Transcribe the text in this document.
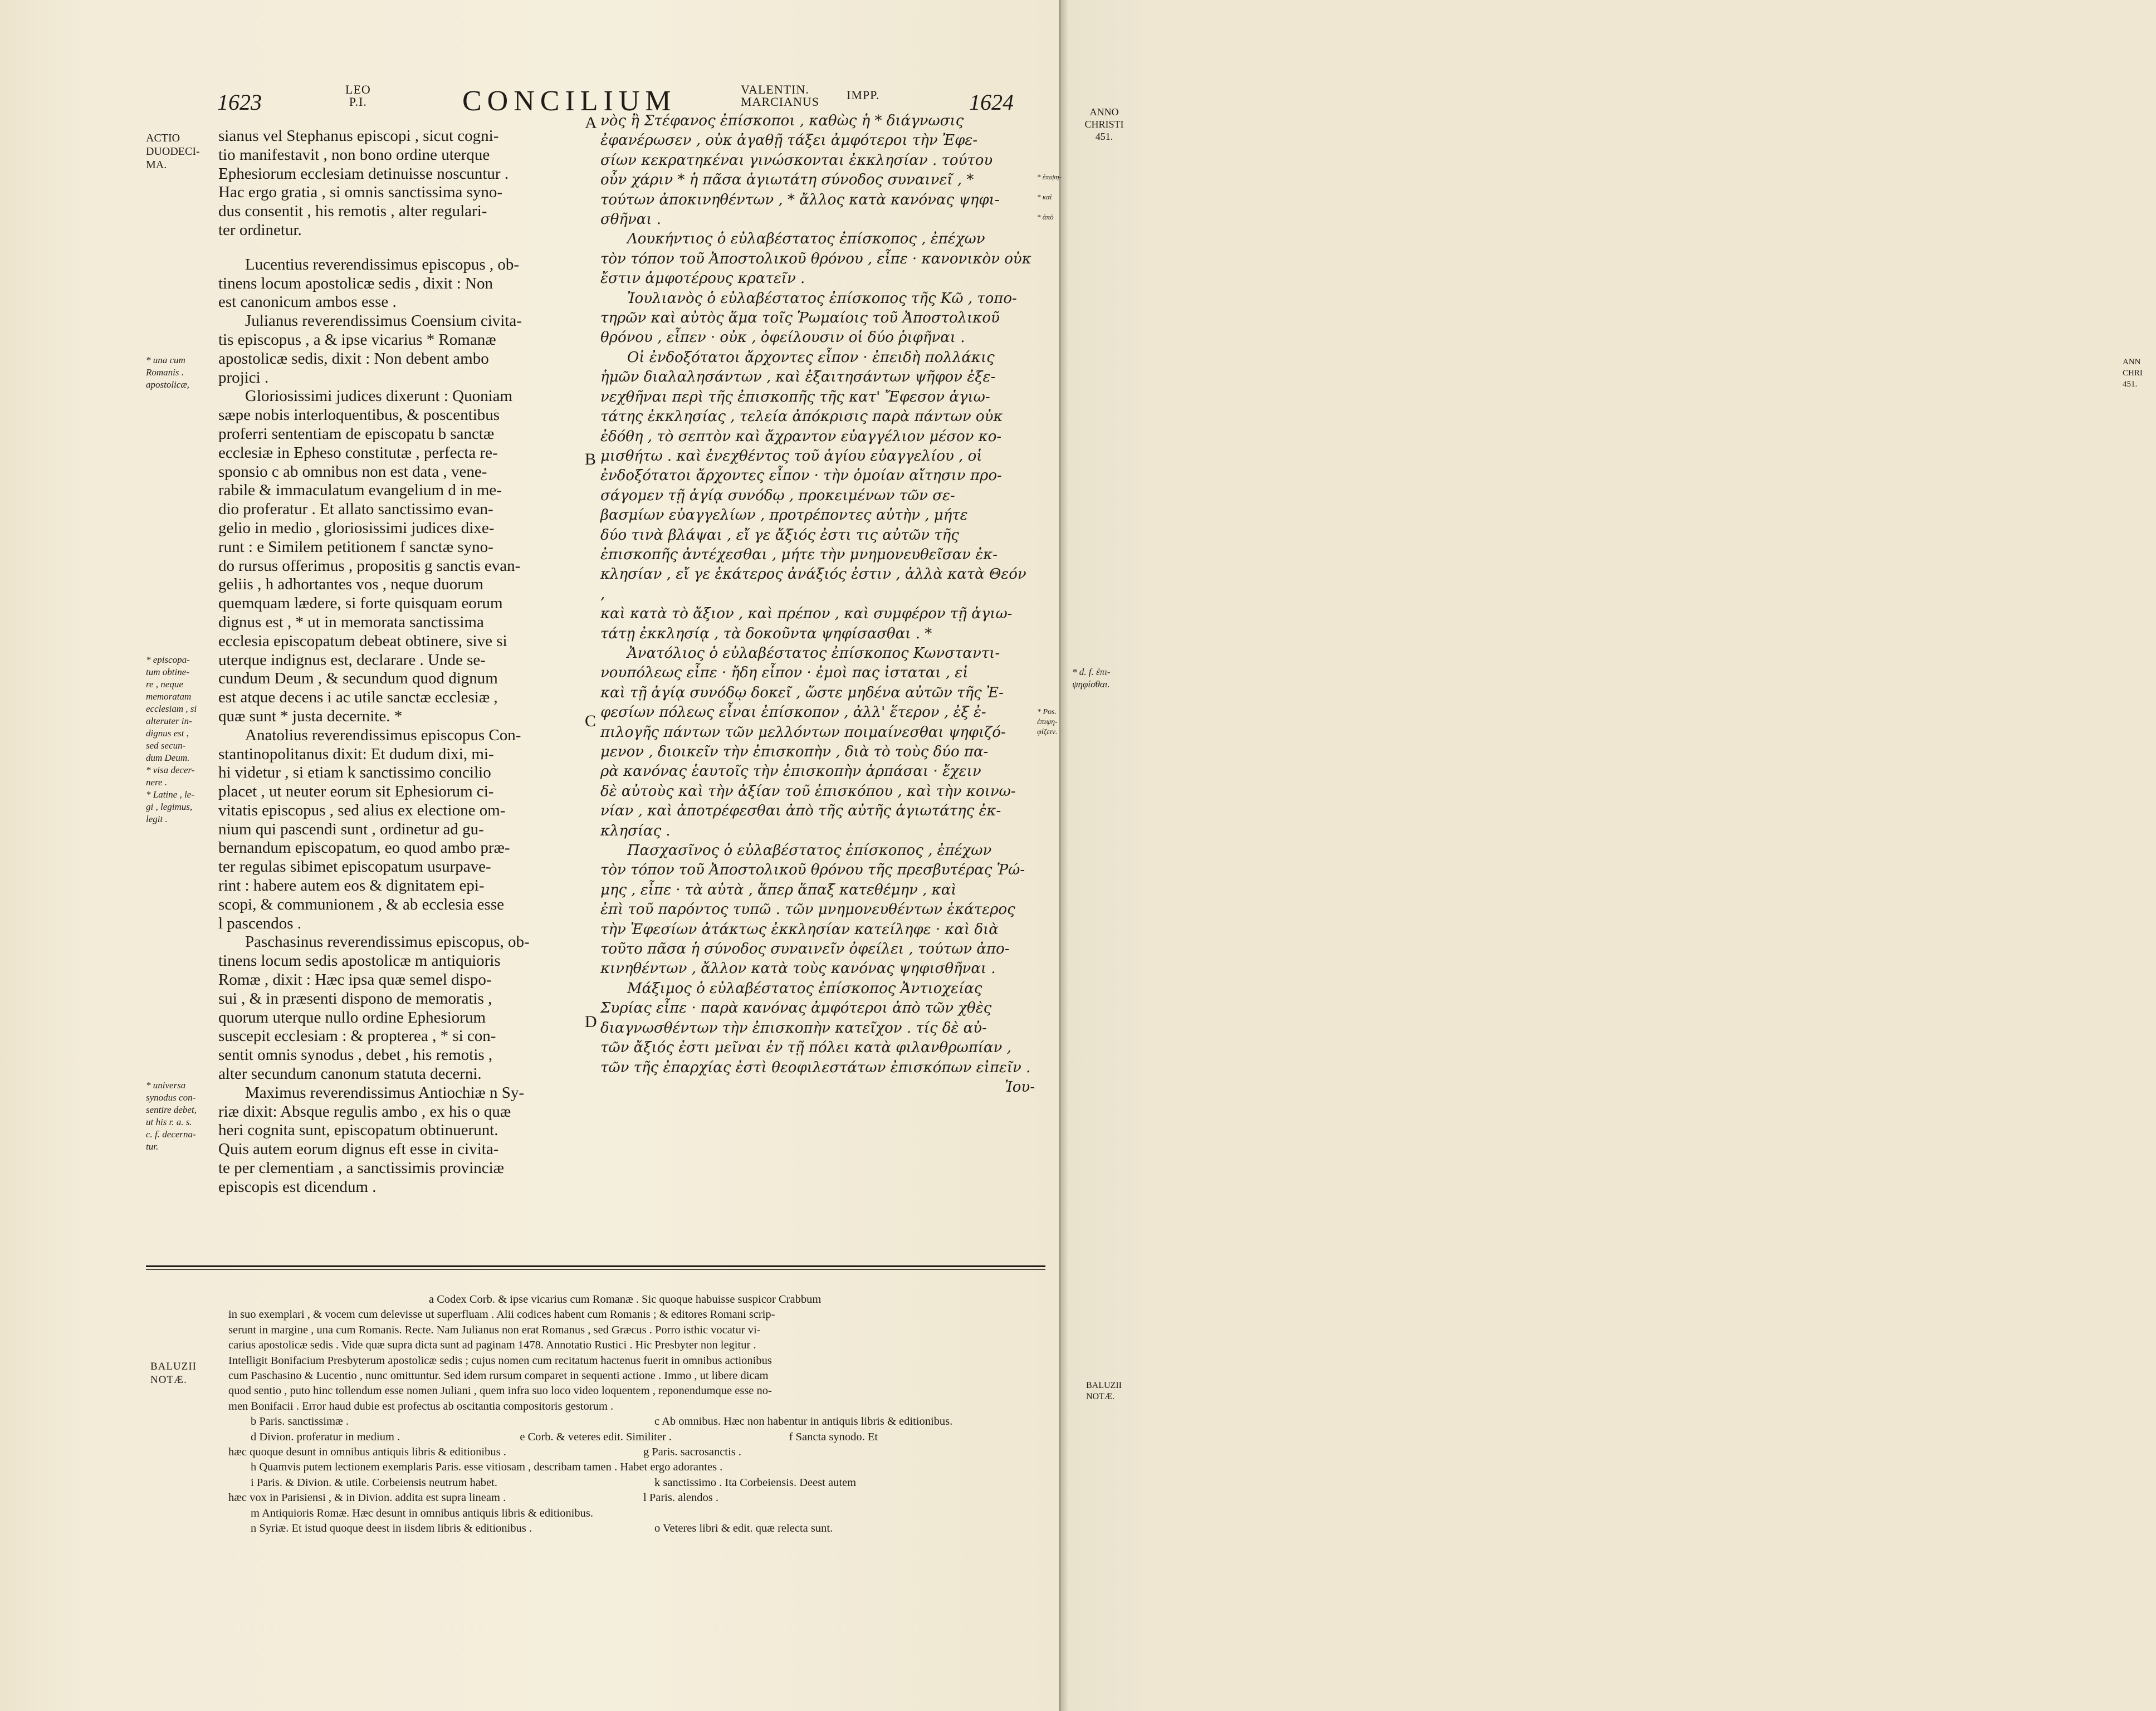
ANN
CHRI
451.
1623
LEO
P.I.	CONCILIUM	VALENTIN.
MARCIANUS IMPP.	1624
ACTIO
DUODECI-
MA.
* una cum
Romanis .
apostolicæ,
* episcopa-
tum obtine-
re , neque
memoratam
ecclesiam , si
alteruter in-
dignus est ,
sed secun-
dum Deum.
* visa decer-
nere .
* Latine , le-
gi , legimus,
legit .
* universa
synodus con-
sentire debet,
ut his r. a. s.
c. f. decerna-
tur.
A
B
C
D

sianus vel Stephanus episcopi , sicut cogni-

tio manifestavit , non bono ordine uterque

Ephesiorum ecclesiam detinuisse noscuntur .

Hac ergo gratia , si omnis sanctissima syno-

dus consentit , his remotis , alter regulari-

ter ordinetur.

Lucentius reverendissimus episcopus , ob-

tinens locum apostolicæ sedis , dixit : Non

est canonicum ambos esse .

Julianus reverendissimus Coensium civita-

tis episcopus , a & ipse vicarius * Romanæ

apostolicæ sedis, dixit : Non debent ambo

projici .

Gloriosissimi judices dixerunt : Quoniam

sæpe nobis interloquentibus, & poscentibus

proferri sententiam de episcopatu b sanctæ

ecclesiæ in Epheso constitutæ , perfecta re-

sponsio c ab omnibus non est data , vene-

rabile & immaculatum evangelium d in me-

dio proferatur . Et allato sanctissimo evan-

gelio in medio , gloriosissimi judices dixe-

runt : e Similem petitionem f sanctæ syno-

do rursus offerimus , propositis g sanctis evan-

geliis , h adhortantes vos , neque duorum

quemquam lædere, si forte quisquam eorum

dignus est , * ut in memorata sanctissima

ecclesia episcopatum debeat obtinere, sive si

uterque indignus est, declarare . Unde se-

cundum Deum , & secundum quod dignum

est atque decens i ac utile sanctæ ecclesiæ ,

quæ sunt * justa decernite. *

Anatolius reverendissimus episcopus Con-

stantinopolitanus dixit: Et dudum dixi, mi-

hi videtur , si etiam k sanctissimo concilio

placet , ut neuter eorum sit Ephesiorum ci-

vitatis episcopus , sed alius ex electione om-

nium qui pascendi sunt , ordinetur ad gu-

bernandum episcopatum, eo quod ambo præ-

ter regulas sibimet episcopatum usurpave-

rint : habere autem eos & dignitatem epi-

scopi, & communionem , & ab ecclesia esse

l pascendos .

Paschasinus reverendissimus episcopus, ob-

tinens locum sedis apostolicæ m antiquioris

Romæ , dixit : Hæc ipsa quæ semel dispo-

sui , & in præsenti dispono de memoratis ,

quorum uterque nullo ordine Ephesiorum

suscepit ecclesiam : & propterea , * si con-

sentit omnis synodus , debet , his remotis ,

alter secundum canonum statuta decerni.

Maximus reverendissimus Antiochiæ n Sy-

riæ dixit: Absque regulis ambo , ex his o quæ

heri cognita sunt, episcopatum obtinuerunt.

Quis autem eorum dignus eft esse in civita-

te per clementiam , a sanctissimis provinciæ

episcopis est dicendum .

νὸς ἢ Στέφανος ἐπίσκοποι , καθὼς ἡ * διάγνωσις

ἐφανέρωσεν , οὐκ ἀγαθῇ τάξει ἀμφότεροι τὴν Ἐφε-

σίων κεκρατηκέναι γινώσκονται ἐκκλησίαν . τούτου

οὖν χάριν * ἡ πᾶσα ἁγιωτάτη σύνοδος συναινεῖ , *

τούτων ἀποκινηθέντων , * ἄλλος κατὰ κανόνας ψηφι-

σθῆναι .

Λουκήντιος ὁ εὐλαβέστατος ἐπίσκοπος , ἐπέχων

τὸν τόπον τοῦ Ἀποστολικοῦ θρόνου , εἶπε · κανονικὸν οὐκ

ἔστιν ἀμφοτέρους κρατεῖν .

Ἰουλιανὸς ὁ εὐλαβέστατος ἐπίσκοπος τῆς Κῶ , τοπο-

τηρῶν καὶ αὐτὸς ἅμα τοῖς Ῥωμαίοις τοῦ Ἀποστολικοῦ

θρόνου , εἶπεν · οὐκ , ὀφείλουσιν οἱ δύο ῥιφῆναι .

Οἱ ἐνδοξότατοι ἄρχοντες εἶπον · ἐπειδὴ πολλάκις

ἡμῶν διαλαλησάντων , καὶ ἐξαιτησάντων ψῆφον ἐξε-

νεχθῆναι περὶ τῆς ἐπισκοπῆς τῆς κατ' Ἔφεσον ἁγιω-

τάτης ἐκκλησίας , τελεία ἀπόκρισις παρὰ πάντων οὐκ

ἐδόθη , τὸ σεπτὸν καὶ ἄχραντον εὐαγγέλιον μέσον κο-

μισθήτω . καὶ ἐνεχθέντος τοῦ ἁγίου εὐαγγελίου , οἱ

ἐνδοξότατοι ἄρχοντες εἶπον · τὴν ὁμοίαν αἴτησιν προ-

σάγομεν τῇ ἁγίᾳ συνόδῳ , προκειμένων τῶν σε-

βασμίων εὐαγγελίων , προτρέποντες αὐτὴν , μήτε

δύο τινὰ βλάψαι , εἴ γε ἄξιός ἐστι τις αὐτῶν τῆς

ἐπισκοπῆς ἀντέχεσθαι , μήτε τὴν μνημονευθεῖσαν ἐκ-

κλησίαν , εἴ γε ἑκάτερος ἀνάξιός ἐστιν , ἀλλὰ κατὰ Θεόν ,

καὶ κατὰ τὸ ἄξιον , καὶ πρέπον , καὶ συμφέρον τῇ ἁγιω-

τάτῃ ἐκκλησίᾳ , τὰ δοκοῦντα ψηφίσασθαι . *

Ἀνατόλιος ὁ εὐλαβέστατος ἐπίσκοπος Κωνσταντι-

νουπόλεως εἶπε · ἤδη εἶπον · ἐμοὶ πας ἰσταται , εἰ

καὶ τῇ ἁγίᾳ συνόδῳ δοκεῖ , ὥστε μηδένα αὐτῶν τῆς Ἐ-

φεσίων πόλεως εἶναι ἐπίσκοπον , ἀλλ' ἕτερον , ἐξ ἐ-

πιλογῆς πάντων τῶν μελλόντων ποιμαίνεσθαι ψηφιζό-

μενον , διοικεῖν τὴν ἐπισκοπὴν , διὰ τὸ τοὺς δύο πα-

ρὰ κανόνας ἑαυτοῖς τὴν ἐπισκοπὴν ἁρπάσαι · ἔχειν

δὲ αὐτοὺς καὶ τὴν ἀξίαν τοῦ ἐπισκόπου , καὶ τὴν κοινω-

νίαν , καὶ ἀποτρέφεσθαι ἀπὸ τῆς αὐτῆς ἁγιωτάτης ἐκ-

κλησίας .

Πασχασῖνος ὁ εὐλαβέστατος ἐπίσκοπος , ἐπέχων

τὸν τόπον τοῦ Ἀποστολικοῦ θρόνου τῆς πρεσβυτέρας Ῥώ-

μης , εἶπε · τὰ αὐτὰ , ἅπερ ἅπαξ κατεθέμην , καὶ

ἐπὶ τοῦ παρόντος τυπῶ . τῶν μνημονευθέντων ἑκάτερος

τὴν Ἐφεσίων ἀτάκτως ἐκκλησίαν κατείληφε · καὶ διὰ

τοῦτο πᾶσα ἡ σύνοδος συναινεῖν ὀφείλει , τούτων ἀπο-

κινηθέντων , ἄλλον κατὰ τοὺς κανόνας ψηφισθῆναι .

Μάξιμος ὁ εὐλαβέστατος ἐπίσκοπος Ἀντιοχείας

Συρίας εἶπε · παρὰ κανόνας ἀμφότεροι ἀπὸ τῶν χθὲς

διαγνωσθέντων τὴν ἐπισκοπὴν κατεῖχον . τίς δὲ αὐ-

τῶν ἄξιός ἐστι μεῖναι ἐν τῇ πόλει κατὰ φιλανθρωπίαν ,

τῶν τῆς ἐπαρχίας ἐστὶ θεοφιλεστάτων ἐπισκόπων εἰπεῖν .

Ἰου-

ANNO
CHRISTI
451.
* ἐπιψη-
* καὶ
* ἀπὸ
* d. f. ἐπι-
ψηφίσθαι.
* Pos.
ἐπιψη-
φίζειν.
BALUZII
NOTÆ.	BALUZII
NOTÆ.

a Codex Corb. & ipse vicarius cum Romanæ . Sic quoque habuisse suspicor Crabbum

in suo exemplari , & vocem cum delevisse ut superfluam . Alii codices habent cum Romanis ; & editores Romani scrip-

serunt in margine , una cum Romanis. Recte. Nam Julianus non erat Romanus , sed Græcus . Porro isthic vocatur vi-

carius apostolicæ sedis . Vide quæ supra dicta sunt ad paginam 1478. Annotatio Rustici . Hic Presbyter non legitur .

Intelligit Bonifacium Presbyterum apostolicæ sedis ; cujus nomen cum recitatum hactenus fuerit in omnibus actionibus

cum Paschasino & Lucentio , nunc omittuntur. Sed idem rursum comparet in sequenti actione . Immo , ut libere dicam

quod sentio , puto hinc tollendum esse nomen Juliani , quem infra suo loco video loquentem , reponendumque esse no-

men Bonifacii . Error haud dubie est profectus ab oscitantia compositoris gestorum .

b Paris. sanctissimæ .	c Ab omnibus. Hæc non habentur in antiquis libris & editionibus.
d Divion. proferatur in medium .	e Corb. & veteres edit. Similiter .	f Sancta synodo. Et
hæc quoque desunt in omnibus antiquis libris & editionibus .	g Paris. sacrosanctis .
h Quamvis putem lectionem exemplaris Paris. esse vitiosam , describam tamen . Habet ergo adorantes .
i Paris. & Divion. & utile. Corbeiensis neutrum habet.	k sanctissimo . Ita Corbeiensis. Deest autem
hæc vox in Parisiensi , & in Divion. addita est supra lineam .	l Paris. alendos .
m Antiquioris Romæ. Hæc desunt in omnibus antiquis libris & editionibus.
n Syriæ. Et istud quoque deest in iisdem libris & editionibus .	o Veteres libri & edit. quæ relecta sunt.
